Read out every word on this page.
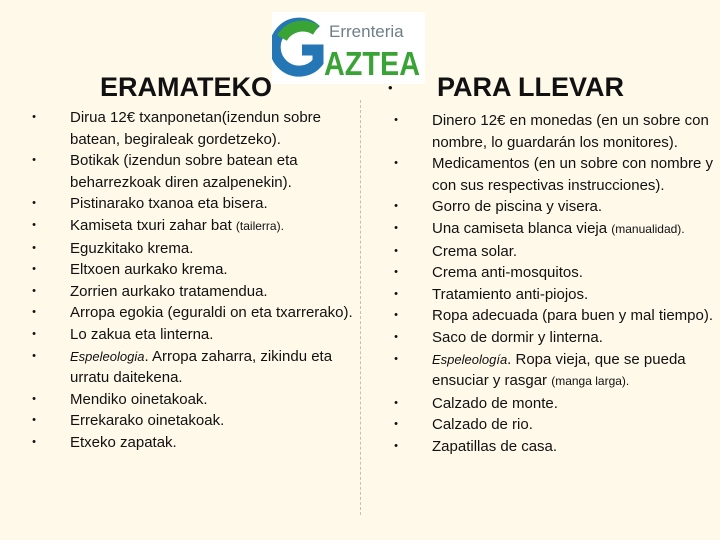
Errenteria
AZTEA
ERAMATEKO	PARA LLEVAR
•
• Dirua 12€ txanponetan(izendun sobre batean, begiraleak gordetzeko).
• Botikak (izendun sobre batean eta beharrezkoak diren azalpenekin).
• Pistinarako txanoa eta bisera.
• Kamiseta txuri zahar bat (tailerra).
• Eguzkitako krema.
• Eltxoen aurkako krema.
• Zorrien aurkako tratamendua.
• Arropa egokia (eguraldi on eta txarrerako).
• Lo zakua eta linterna.
•	Espeleologia. Arropa zaharra, zikindu eta urratu daitekena.
• Mendiko oinetakoak.
• Errekarako oinetakoak.
• Etxeko zapatak.
• Dinero 12€ en monedas (en un sobre con nombre, lo guardarán los monitores).
• Medicamentos (en un sobre con nombre y con sus respectivas instrucciones).
• Gorro de piscina y visera.
• Una camiseta blanca vieja (manualidad).
• Crema solar.
• Crema anti-mosquitos.
• Tratamiento anti-piojos.
• Ropa adecuada (para buen y mal tiempo).
• Saco de dormir y linterna.
•	Espeleología. Ropa vieja, que se pueda ensuciar y rasgar (manga larga).
• Calzado de monte.
• Calzado de rio.
• Zapatillas de casa.
